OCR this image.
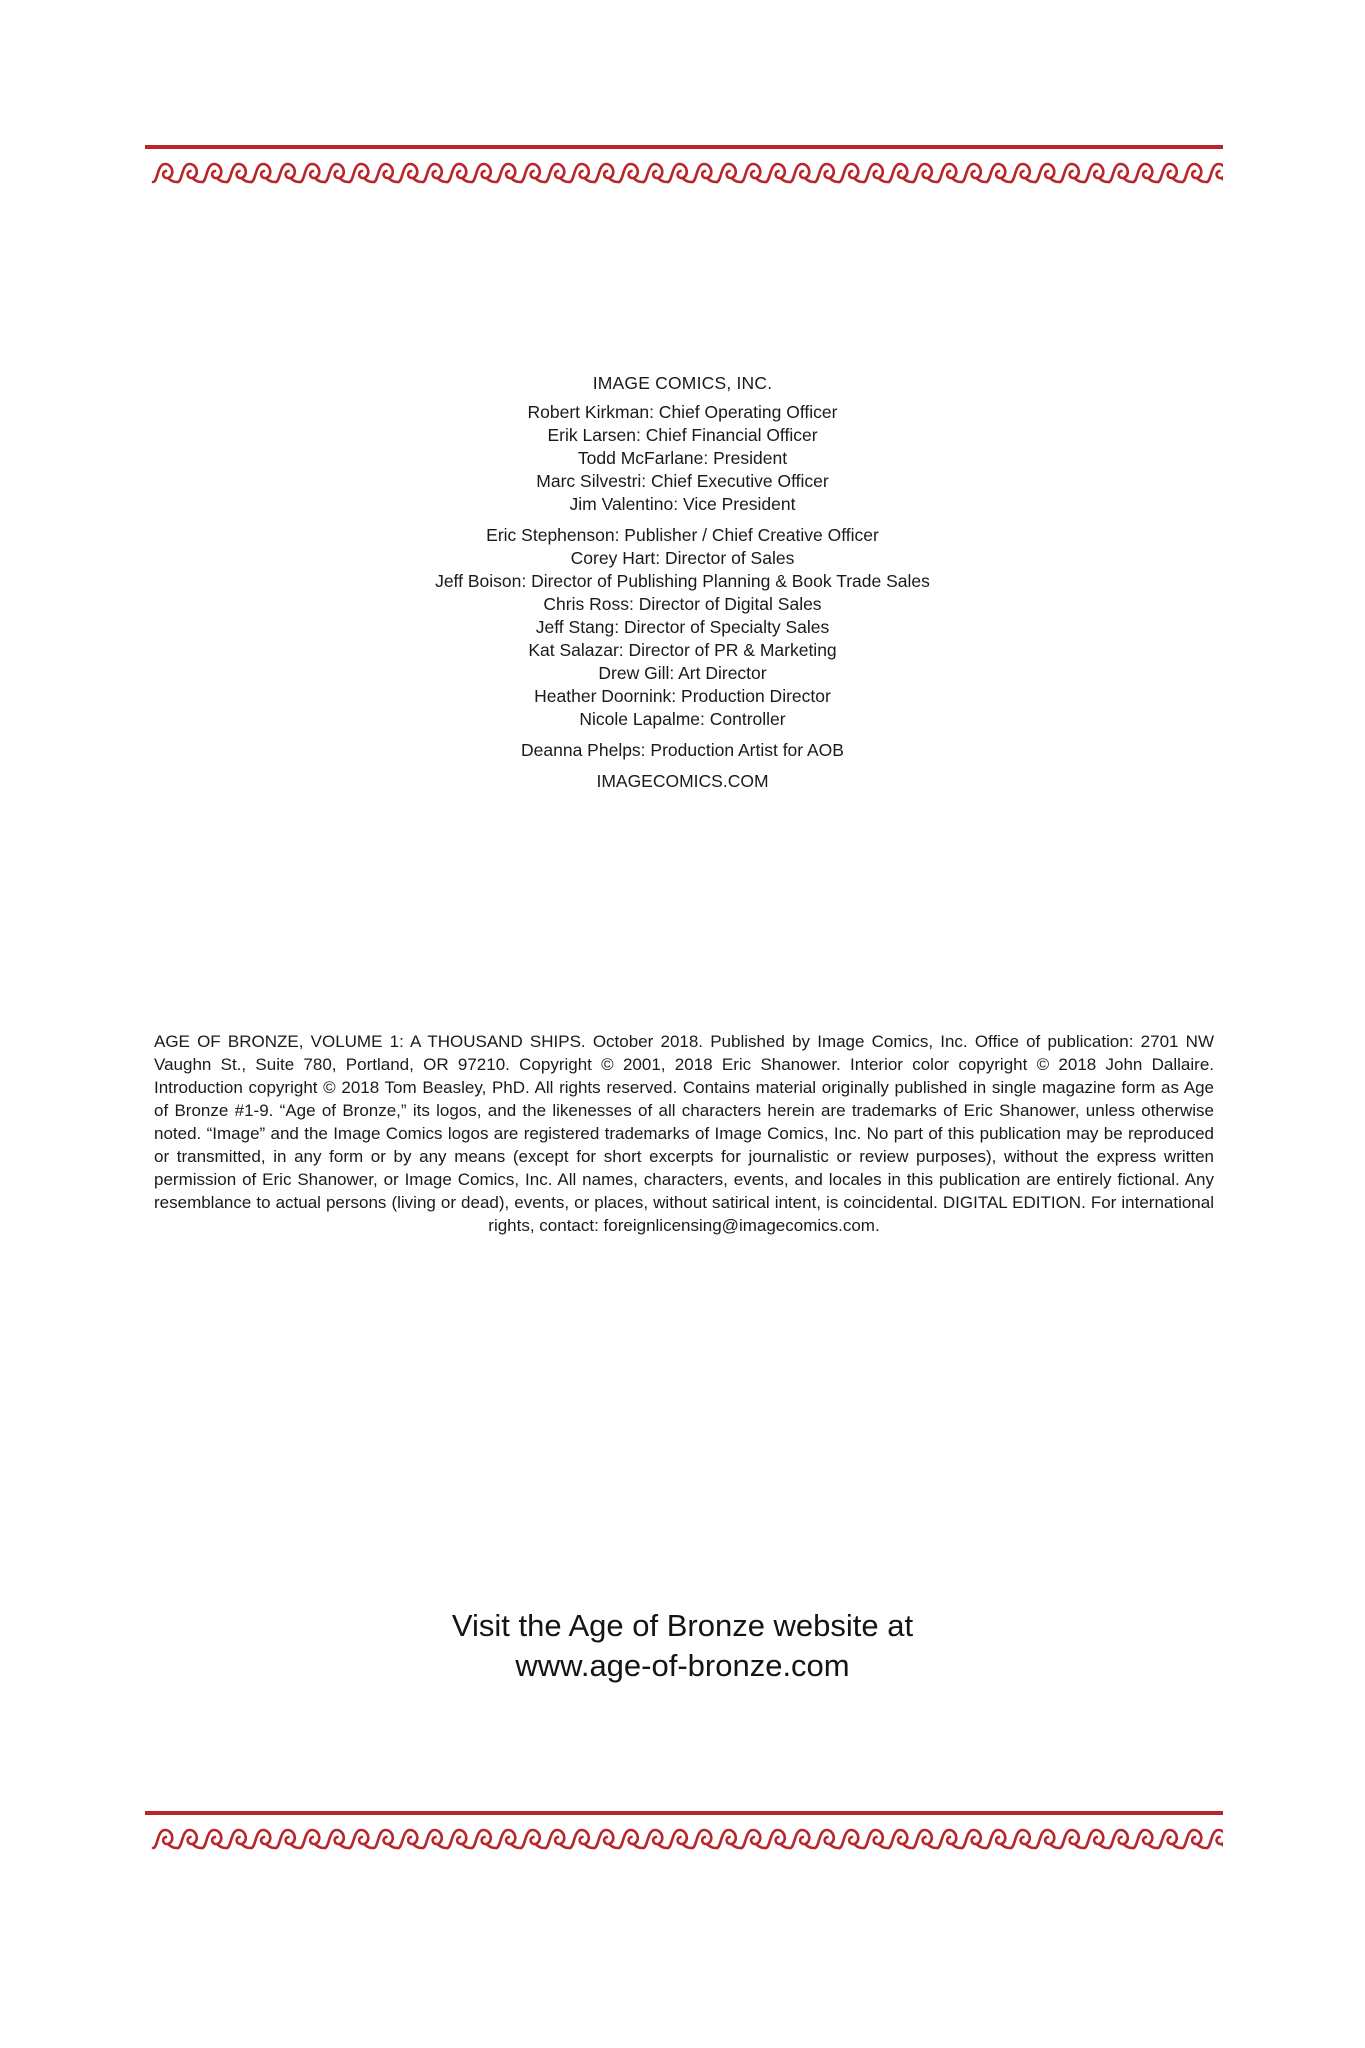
IMAGE COMICS, INC.
Robert Kirkman: Chief Operating Officer
Erik Larsen: Chief Financial Officer
Todd McFarlane: President
Marc Silvestri: Chief Executive Officer
Jim Valentino: Vice President
Eric Stephenson: Publisher / Chief Creative Officer
Corey Hart: Director of Sales
Jeff Boison: Director of Publishing Planning & Book Trade Sales
Chris Ross: Director of Digital Sales
Jeff Stang: Director of Specialty Sales
Kat Salazar: Director of PR & Marketing
Drew Gill: Art Director
Heather Doornink: Production Director
Nicole Lapalme: Controller
Deanna Phelps: Production Artist for AOB
IMAGECOMICS.COM
AGE OF BRONZE, VOLUME 1: A THOUSAND SHIPS. October 2018. Published by Image Comics, Inc. Office of publication: 2701 NW Vaughn St., Suite 780, Portland, OR 97210. Copyright © 2001, 2018 Eric Shanower. Interior color copyright © 2018 John Dallaire. Introduction copyright © 2018 Tom Beasley, PhD. All rights reserved. Contains material originally published in single magazine form as Age of Bronze #1-9. “Age of Bronze,” its logos, and the likenesses of all characters herein are trademarks of Eric Shanower, unless otherwise noted. “Image” and the Image Comics logos are registered trademarks of Image Comics, Inc. No part of this publication may be reproduced or transmitted, in any form or by any means (except for short excerpts for journalistic or review purposes), without the express written permission of Eric Shanower, or Image Comics, Inc. All names, characters, events, and locales in this publication are entirely fictional. Any resemblance to actual persons (living or dead), events, or places, without satirical intent, is coincidental. DIGITAL EDITION. For international rights, contact: foreignlicensing@imagecomics.com.
Visit the Age of Bronze website at
www.age-of-bronze.com
